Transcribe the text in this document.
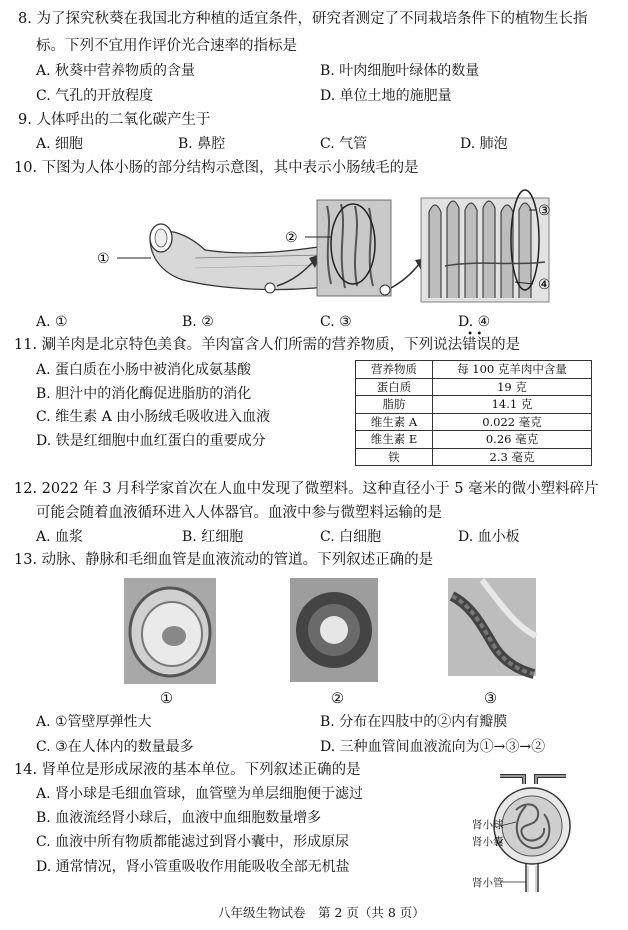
8. 为了探究秋葵在我国北方种植的适宜条件，研究者测定了不同栽培条件下的植物生长指
标。下列不宜用作评价光合速率的指标是
A. 秋葵中营养物质的含量	B. 叶肉细胞叶绿体的数量
C. 气孔的开放程度	D. 单位土地的施肥量
9. 人体呼出的二氧化碳产生于
A. 细胞	B. 鼻腔	C. 气管	D. 肺泡
10. 下图为人体小肠的部分结构示意图，其中表示小肠绒毛的是
①
②
③
④
A. ①	B. ②	C. ③	D. ④
11. 涮羊肉是北京特色美食。羊肉富含人们所需的营养物质，下列说法
• •
错误的是
A. 蛋白质在小肠中被消化成氨基酸
B. 胆汁中的消化酶促进脂肪的消化
C. 维生素 A 由小肠绒毛吸收进入血液
D. 铁是红细胞中血红蛋白的重要成分
营养物质	每 100 克羊肉中含量
蛋白质	19 克
脂肪	14.1 克
维生素 A	0.022 毫克
维生素 E	0.26 毫克
铁	2.3 毫克
12. 2022 年 3 月科学家首次在人血中发现了微塑料。这种直径小于 5 毫米的微小塑料碎片
可能会随着血液循环进入人体器官。血液中参与微塑料运输的是
A. 血浆	B. 红细胞	C. 白细胞	D. 血小板
13. 动脉、静脉和毛细血管是血液流动的管道。下列叙述正确的是
①	②	③
A. ①管壁厚弹性大	B. 分布在四肢中的②内有瓣膜
C. ③在人体内的数量最多	D. 三种血管间血液流向为①→③→②
14. 肾单位是形成尿液的基本单位。下列叙述正确的是
A. 肾小球是毛细血管球，血管壁为单层细胞便于滤过
B. 血液流经肾小球后，血液中血细胞数量增多
C. 血液中所有物质都能滤过到肾小囊中，形成原尿
D. 通常情况，肾小管重吸收作用能吸收全部无机盐
肾小球
肾小囊
肾小管
八年级生物试卷　第 2 页（共 8 页）
